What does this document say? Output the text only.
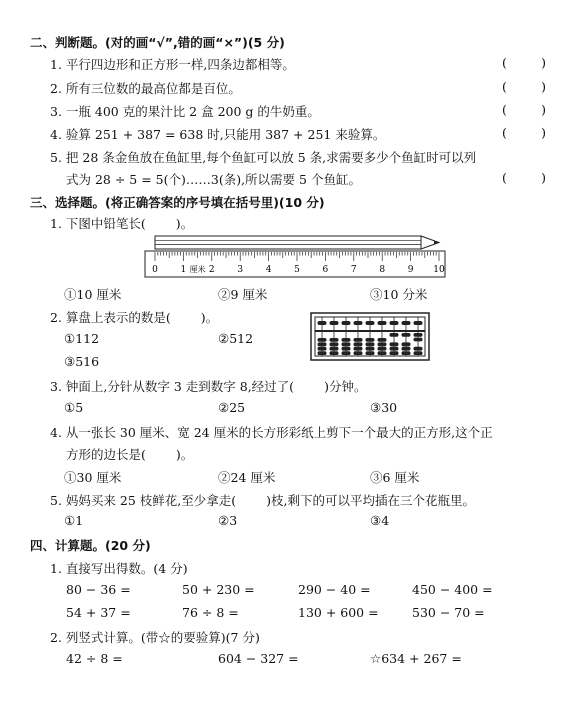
二、判断题。(对的画“√”,错的画“×”)(5 分)
1. 平行四边形和正方形一样,四条边都相等。	(	)
2. 所有三位数的最高位都是百位。	(	)
3. 一瓶 400 克的果汁比 2 盒 200 g 的牛奶重。	(	)
4. 验算 251 + 387 = 638 时,只能用 387 + 251 来验算。	(	)
5. 把 28 条金鱼放在鱼缸里,每个鱼缸可以放 5 条,求需要多少个鱼缸时可以列
式为 28 ÷ 5 = 5(个)……3(条),所以需要 5 个鱼缸。	(	)
三、选择题。(将正确答案的序号填在括号里)(10 分)
1. 下图中铅笔长( )。
0	1	2	3	4	5	6	7	8	9 10
厘米
①10 厘米	②9 厘米	③10 分米
2. 算盘上表示的数是( )。
①112	②512
③516
3. 钟面上,分针从数字 3 走到数字 8,经过了( )分钟。
①5	②25	③30
4. 从一张长 30 厘米、宽 24 厘米的长方形彩纸上剪下一个最大的正方形,这个正
方形的边长是( )。
①30 厘米	②24 厘米	③6 厘米
5. 妈妈买来 25 枝鲜花,至少拿走( )枝,剩下的可以平均插在三个花瓶里。
①1	②3	③4
四、计算题。(20 分)
1. 直接写出得数。(4 分)
80 − 36 =	50 + 230 =	290 − 40 =	450 − 400 =
54 + 37 =	76 ÷ 8 =	130 + 600 =	530 − 70 =
2. 列竖式计算。(带☆的要验算)(7 分)
42 ÷ 8 =	604 − 327 =	☆634 + 267 =
